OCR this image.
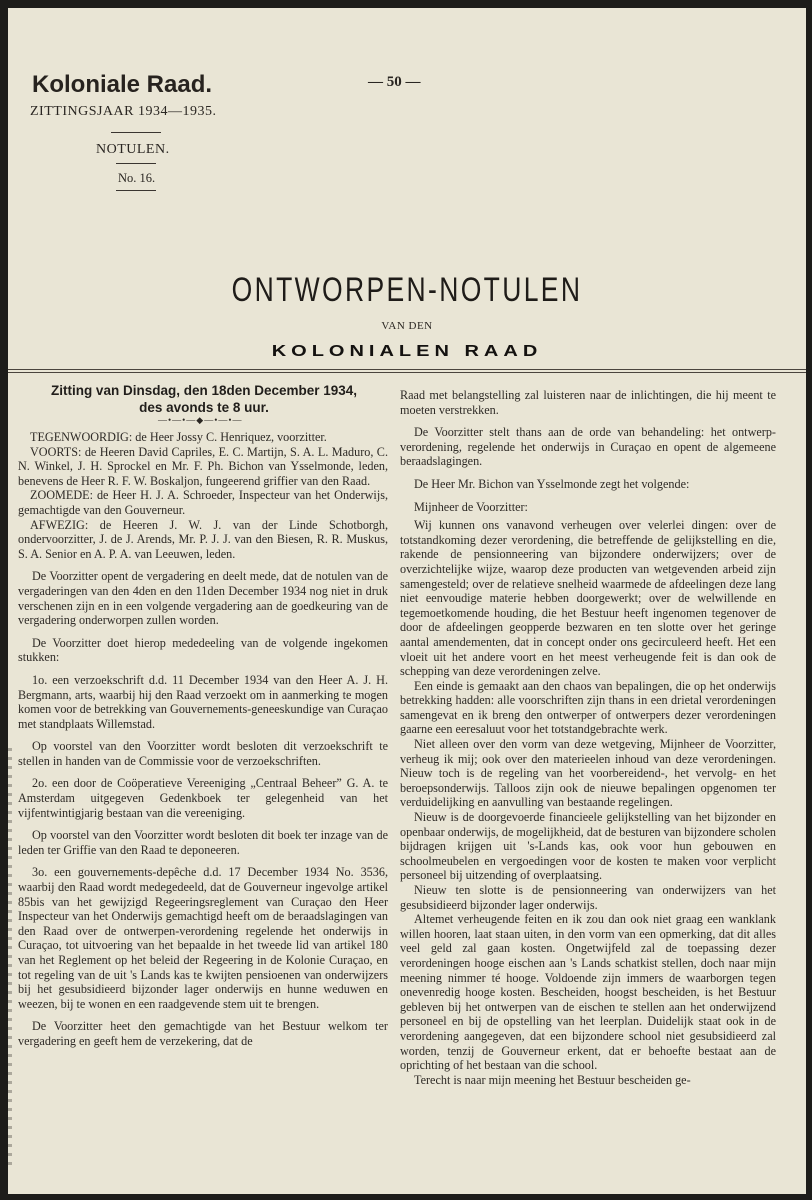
Koloniale Raad.
ZITTINGSJAAR 1934—1935.
— 50 —
NOTULEN.
No. 16.
ONTWORPEN-NOTULEN
VAN DEN
KOLONIALEN RAAD
Zitting van Dinsdag, den 18den December 1934,
des avonds te 8 uur.
—•—•—◆—•—•—

TEGENWOORDIG: de Heer Jossy C. Henriquez, voorzitter.

VOORTS: de Heeren David Capriles, E. C. Martijn, S. A. L. Maduro, C. N. Winkel, J. H. Sprockel en Mr. F. Ph. Bichon van Ysselmonde, leden, benevens de Heer R. F. W. Boskaljon, fungeerend griffier van den Raad.

ZOOMEDE: de Heer H. J. A. Schroeder, Inspecteur van het Onderwijs, gemachtigde van den Gouverneur.

AFWEZIG: de Heeren J. W. J. van der Linde Schotborgh, ondervoorzitter, J. de J. Arends, Mr. P. J. J. van den Biesen, R. R. Muskus, S. A. Senior en A. P. A. van Leeuwen, leden.

De Voorzitter opent de vergadering en deelt mede, dat de notulen van de vergaderingen van den 4den en den 11den December 1934 nog niet in druk verschenen zijn en in een volgende vergadering aan de goedkeuring van de vergadering onderworpen zullen worden.

De Voorzitter doet hierop mededeeling van de volgende ingekomen stukken:

1o. een verzoekschrift d.d. 11 December 1934 van den Heer A. J. H. Bergmann, arts, waarbij hij den Raad verzoekt om in aanmerking te mogen komen voor de betrekking van Gouvernements-geneeskundige van Curaçao met standplaats Willemstad.

Op voorstel van den Voorzitter wordt besloten dit verzoekschrift te stellen in handen van de Commissie voor de verzoekschriften.

2o. een door de Coöperatieve Vereeniging „Centraal Beheer” G. A. te Amsterdam uitgegeven Gedenkboek ter gelegenheid van het vijfentwintigjarig bestaan van die vereeniging.

Op voorstel van den Voorzitter wordt besloten dit boek ter inzage van de leden ter Griffie van den Raad te deponeeren.

3o. een gouvernements-depêche d.d. 17 December 1934 No. 3536, waarbij den Raad wordt medegedeeld, dat de Gouverneur ingevolge artikel 85bis van het gewijzigd Regeeringsreglement van Curaçao den Heer Inspecteur van het Onderwijs gemachtigd heeft om de beraadslagingen van den Raad over de ontwerpen-verordening regelende het onderwijs in Curaçao, tot uitvoering van het bepaalde in het tweede lid van artikel 180 van het Reglement op het beleid der Regeering in de Kolonie Curaçao, en tot regeling van de uit 's Lands kas te kwijten pensioenen van onderwijzers bij het gesubsidieerd bijzonder lager onderwijs en hunne weduwen en weezen, bij te wonen en een raadgevende stem uit te brengen.

De Voorzitter heet den gemachtigde van het Bestuur welkom ter vergadering en geeft hem de verzekering, dat de

Raad met belangstelling zal luisteren naar de inlichtingen, die hij meent te moeten verstrekken.

De Voorzitter stelt thans aan de orde van behandeling: het ontwerp-verordening, regelende het onderwijs in Curaçao en opent de algemeene beraadslagingen.

De Heer Mr. Bichon van Ysselmonde zegt het volgende:

Mijnheer de Voorzitter:

Wij kunnen ons vanavond verheugen over velerlei dingen: over de totstandkoming dezer verordening, die betreffende de gelijkstelling en die, rakende de pensionneering van bijzondere onderwijzers; over de overzichtelijke wijze, waarop deze producten van wetgevenden arbeid zijn samengesteld; over de relatieve snelheid waarmede de afdeelingen deze lang niet eenvoudige materie hebben doorgewerkt; over de welwillende en tegemoetkomende houding, die het Bestuur heeft ingenomen tegenover de door de afdeelingen geopperde bezwaren en ten slotte over het geringe aantal amendementen, dat in concept onder ons gecirculeerd heeft. Het een vloeit uit het andere voort en het meest verheugende feit is dan ook de schepping van deze verordeningen zelve.

Een einde is gemaakt aan den chaos van bepalingen, die op het onderwijs betrekking hadden: alle voorschriften zijn thans in een drietal verordeningen samengevat en ik breng den ontwerper of ontwerpers dezer verordeningen gaarne een eeresaluut voor het totstandgebrachte werk.

Niet alleen over den vorm van deze wetgeving, Mijnheer de Voorzitter, verheug ik mij; ook over den materieelen inhoud van deze verordeningen. Nieuw toch is de regeling van het voorbereidend-, het vervolg- en het beroepsonderwijs. Talloos zijn ook de nieuwe bepalingen opgenomen ter verduidelijking en aanvulling van bestaande regelingen.

Nieuw is de doorgevoerde financieele gelijkstelling van het bijzonder en openbaar onderwijs, de mogelijkheid, dat de besturen van bijzondere scholen bijdragen krijgen uit 's-Lands kas, ook voor hun gebouwen en schoolmeubelen en vergoedingen voor de kosten te maken voor verplicht personeel bij uitzending of overplaatsing.

Nieuw ten slotte is de pensionneering van onderwijzers van het gesubsidieerd bijzonder lager onderwijs.

Altemet verheugende feiten en ik zou dan ook niet graag een wanklank willen hooren, laat staan uiten, in den vorm van een opmerking, dat dit alles veel geld zal gaan kosten. Ongetwijfeld zal de toepassing dezer verordeningen hooge eischen aan 's Lands schatkist stellen, doch naar mijn meening nimmer té hooge. Voldoende zijn immers de waarborgen tegen onevenredig hooge kosten. Bescheiden, hoogst bescheiden, is het Bestuur gebleven bij het ontwerpen van de eischen te stellen aan het onderwijzend personeel en bij de opstelling van het leerplan. Duidelijk staat ook in de verordening aangegeven, dat een bijzondere school niet gesubsidieerd zal worden, tenzij de Gouverneur erkent, dat er behoefte bestaat aan de oprichting of het bestaan van die school.

Terecht is naar mijn meening het Bestuur bescheiden ge-
